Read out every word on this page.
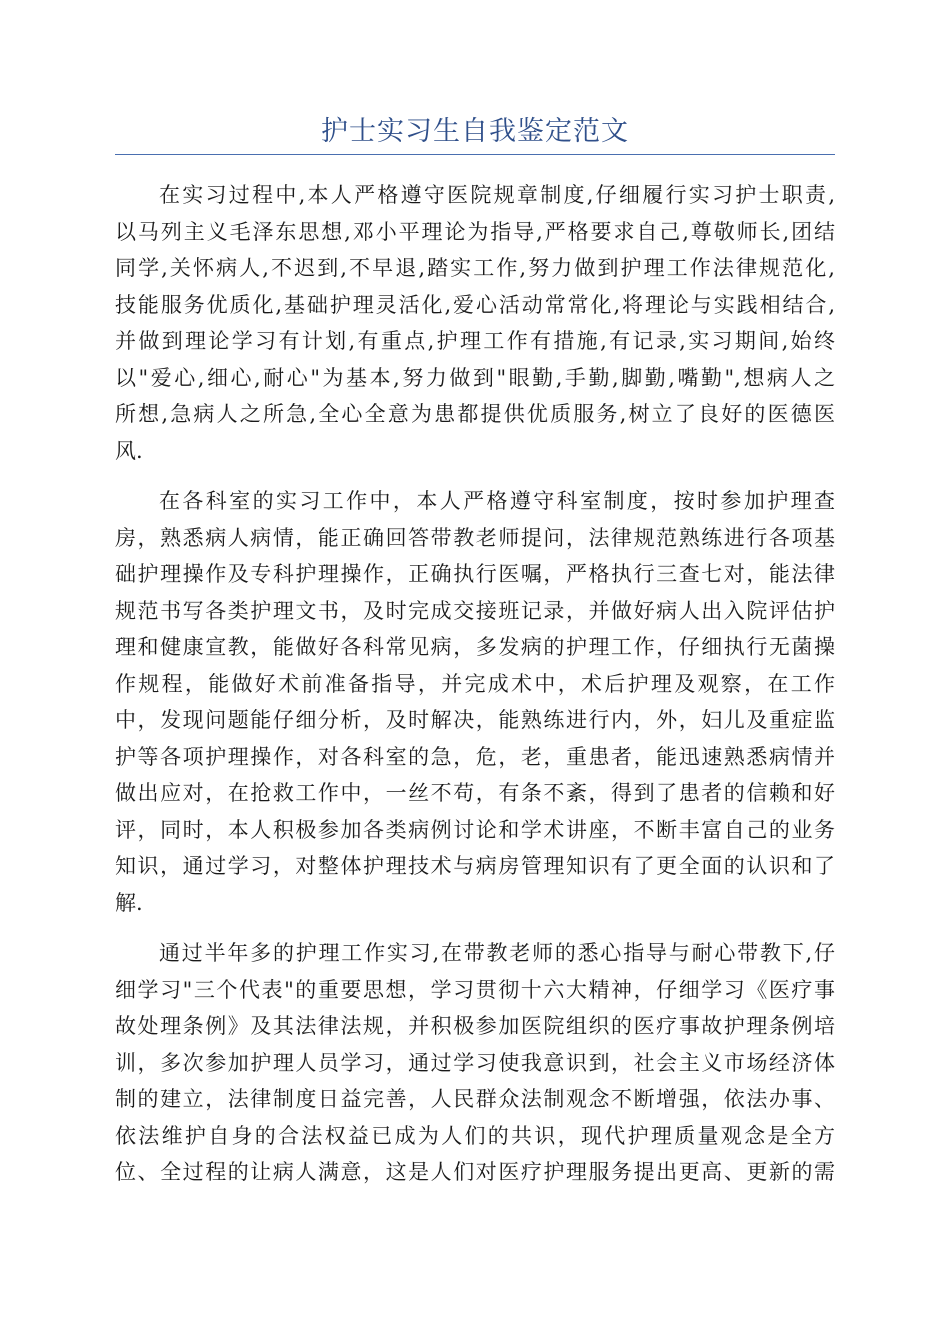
护士实习生自我鉴定范文
在实习过程中,本人严格遵守医院规章制度,仔细履行实习护士职责,
以马列主义毛泽东思想,邓小平理论为指导,严格要求自己,尊敬师长,团结
同学,关怀病人,不迟到,不早退,踏实工作,努力做到护理工作法律规范化,
技能服务优质化,基础护理灵活化,爱心活动常常化,将理论与实践相结合,
并做到理论学习有计划,有重点,护理工作有措施,有记录,实习期间,始终
以"爱心,细心,耐心"为基本,努力做到"眼勤,手勤,脚勤,嘴勤",想病人之
所想,急病人之所急,全心全意为患都提供优质服务,树立了良好的医德医
风.
在各科室的实习工作中，本人严格遵守科室制度，按时参加护理查
房，熟悉病人病情，能正确回答带教老师提问，法律规范熟练进行各项基
础护理操作及专科护理操作，正确执行医嘱，严格执行三查七对，能法律
规范书写各类护理文书，及时完成交接班记录，并做好病人出入院评估护
理和健康宣教，能做好各科常见病，多发病的护理工作，仔细执行无菌操
作规程，能做好术前准备指导，并完成术中，术后护理及观察，在工作
中，发现问题能仔细分析，及时解决，能熟练进行内，外，妇儿及重症监
护等各项护理操作，对各科室的急，危，老，重患者，能迅速熟悉病情并
做出应对，在抢救工作中，一丝不苟，有条不紊，得到了患者的信赖和好
评，同时，本人积极参加各类病例讨论和学术讲座，不断丰富自己的业务
知识，通过学习，对整体护理技术与病房管理知识有了更全面的认识和了
解.
通过半年多的护理工作实习,在带教老师的悉心指导与耐心带教下,仔
细学习"三个代表"的重要思想，学习贯彻十六大精神，仔细学习《医疗事
故处理条例》及其法律法规，并积极参加医院组织的医疗事故护理条例培
训，多次参加护理人员学习，通过学习使我意识到，社会主义市场经济体
制的建立，法律制度日益完善，人民群众法制观念不断增强，依法办事、
依法维护自身的合法权益已成为人们的共识，现代护理质量观念是全方
位、全过程的让病人满意，这是人们对医疗护理服务提出更高、更新的需
